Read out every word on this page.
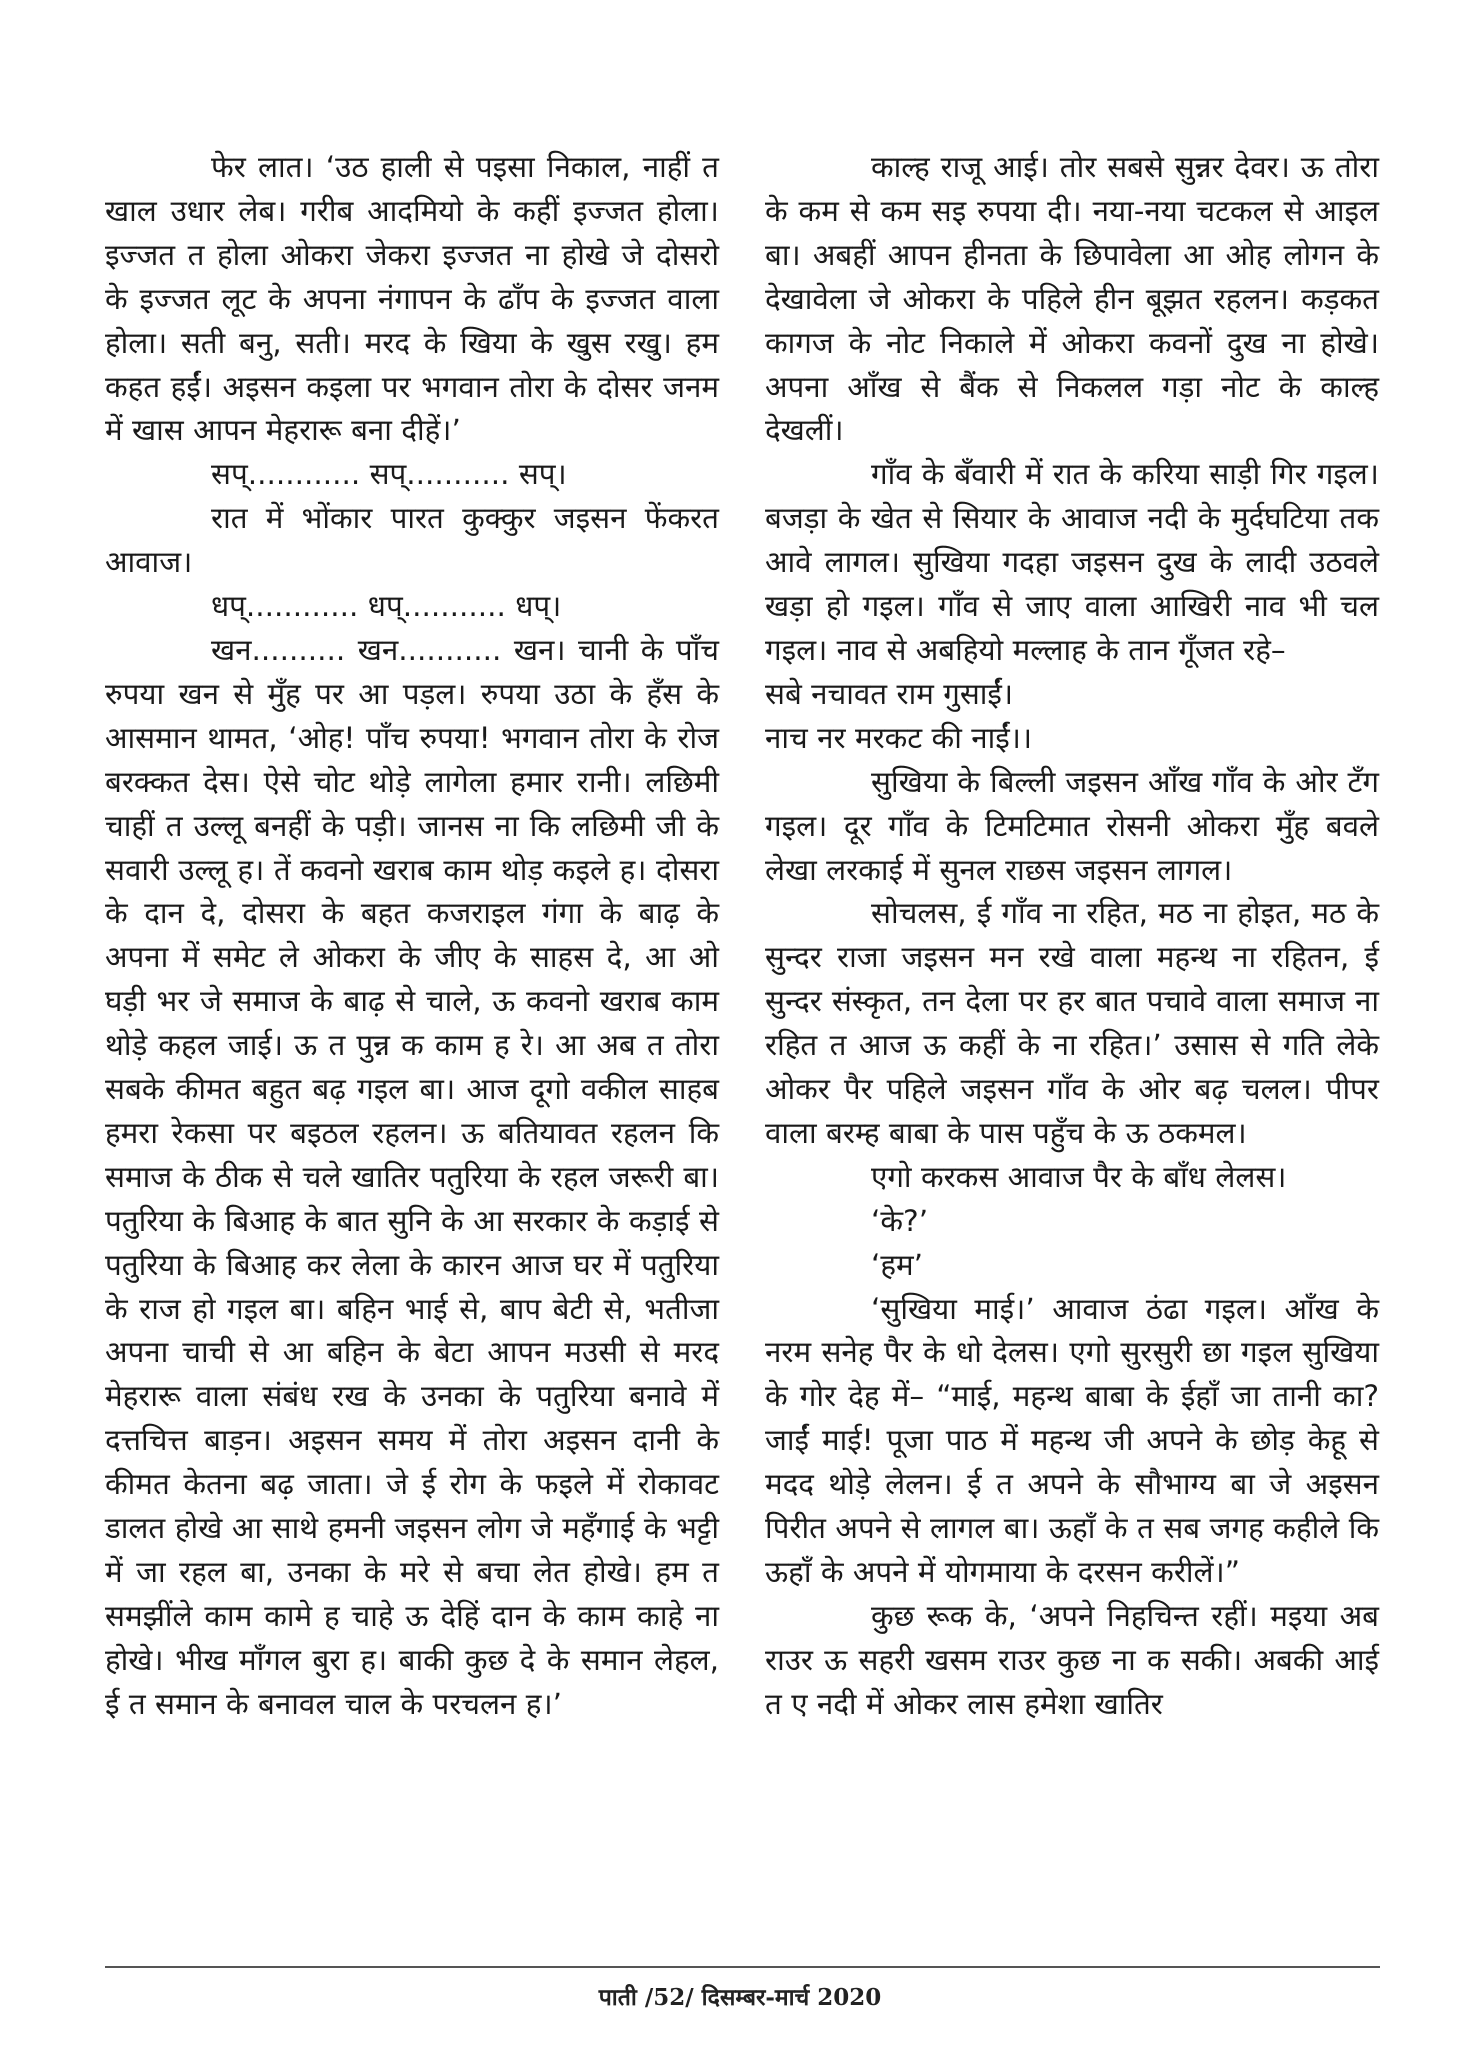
फेर लात। ‘उठ हाली से पइसा निकाल, नाहीं त खाल उधार लेब। गरीब आदमियो के कहीं इज्जत होला। इज्जत त होला ओकरा जेकरा इज्जत ना होखे जे दोसरो के इज्जत लूट के अपना नंगापन के ढाँप के इज्जत वाला होला। सती बनु, सती। मरद के खिया के खुस रखु। हम कहत हईं। अइसन कइला पर भगवान तोरा के दोसर जनम में खास आपन मेहरारू बना दीहें।’

सप्............ सप्........... सप्।

रात में भोंकार पारत कुक्कुर जइसन फेंकरत आवाज।

धप्............ धप्........... धप्।

खन.......... खन........... खन। चानी के पाँच रुपया खन से मुँह पर आ पड़ल। रुपया उठा के हँस के आसमान थामत, ‘ओह! पाँच रुपया! भगवान तोरा के रोज बरक्कत देस। ऐसे चोट थोड़े लागेला हमार रानी। लछिमी चाहीं त उल्लू बनहीं के पड़ी। जानस ना कि लछिमी जी के सवारी उल्लू ह। तें कवनो खराब काम थोड़ कइले ह। दोसरा के दान दे, दोसरा के बहत कजराइल गंगा के बाढ़ के अपना में समेट ले ओकरा के जीए के साहस दे, आ ओ घड़ी भर जे समाज के बाढ़ से चाले, ऊ कवनो खराब काम थोड़े कहल जाई। ऊ त पुन्न क काम ह रे। आ अब त तोरा सबके कीमत बहुत बढ़ गइल बा। आज दूगो वकील साहब हमरा रेकसा पर बइठल रहलन। ऊ बतियावत रहलन कि समाज के ठीक से चले खातिर पतुरिया के रहल जरूरी बा। पतुरिया के बिआह के बात सुनि के आ सरकार के कड़ाई से पतुरिया के बिआह कर लेला के कारन आज घर में पतुरिया के राज हो गइल बा। बहिन भाई से, बाप बेटी से, भतीजा अपना चाची से आ बहिन के बेटा आपन मउसी से मरद मेहरारू वाला संबंध रख के उनका के पतुरिया बनावे में दत्तचित्त बाड़न। अइसन समय में तोरा अइसन दानी के कीमत केतना बढ़ जाता। जे ई रोग के फइले में रोकावट डालत होखे आ साथे हमनी जइसन लोग जे महँगाई के भट्टी में जा रहल बा, उनका के मरे से बचा लेत होखे। हम त समझींले काम कामे ह चाहे ऊ देहिं दान के काम काहे ना होखे। भीख माँगल बुरा ह। बाकी कुछ दे के समान लेहल, ई त समान के बनावल चाल के परचलन ह।’

काल्ह राजू आई। तोर सबसे सुन्नर देवर। ऊ तोरा के कम से कम सइ रुपया दी। नया-नया चटकल से आइल बा। अबहीं आपन हीनता के छिपावेला आ ओह लोगन के देखावेला जे ओकरा के पहिले हीन बूझत रहलन। कड़कत कागज के नोट निकाले में ओकरा कवनों दुख ना होखे। अपना आँख से बैंक से निकलल गड़ा नोट के काल्ह देखलीं।

गाँव के बँवारी में रात के करिया साड़ी गिर गइल। बजड़ा के खेत से सियार के आवाज नदी के मुर्दघटिया तक आवे लागल। सुखिया गदहा जइसन दुख के लादी उठवले खड़ा हो गइल। गाँव से जाए वाला आखिरी नाव भी चल गइल। नाव से अबहियो मल्लाह के तान गूँजत रहे–

सबे नचावत राम गुसाईं।

नाच नर मरकट की नाईं।।

सुखिया के बिल्ली जइसन आँख गाँव के ओर टँग गइल। दूर गाँव के टिमटिमात रोसनी ओकरा मुँह बवले लेखा लरकाई में सुनल राछस जइसन लागल।

सोचलस, ई गाँव ना रहित, मठ ना होइत, मठ के सुन्दर राजा जइसन मन रखे वाला महन्थ ना रहितन, ई सुन्दर संस्कृत, तन देला पर हर बात पचावे वाला समाज ना रहित त आज ऊ कहीं के ना रहित।’ उसास से गति लेके ओकर पैर पहिले जइसन गाँव के ओर बढ़ चलल। पीपर वाला बरम्ह बाबा के पास पहुँच के ऊ ठकमल।

एगो करकस आवाज पैर के बाँध लेलस।

‘के?’

‘हम’

‘सुखिया माई।’ आवाज ठंढा गइल। आँख के नरम सनेह पैर के धो देलस। एगो सुरसुरी छा गइल सुखिया के गोर देह में– “माई, महन्थ बाबा के ईहाँ जा तानी का? जाईं माई! पूजा पाठ में महन्थ जी अपने के छोड़ केहू से मदद थोड़े लेलन। ई त अपने के सौभाग्य बा जे अइसन पिरीत अपने से लागल बा। ऊहाँ के त सब जगह कहीले कि ऊहाँ के अपने में योगमाया के दरसन करीलें।”

कुछ रूक के, ‘अपने निहचिन्त रहीं। मइया अब राउर ऊ सहरी खसम राउर कुछ ना क सकी। अबकी आई त ए नदी में ओकर लास हमेशा खातिर

पाती /52/ दिसम्बर-मार्च 2020
